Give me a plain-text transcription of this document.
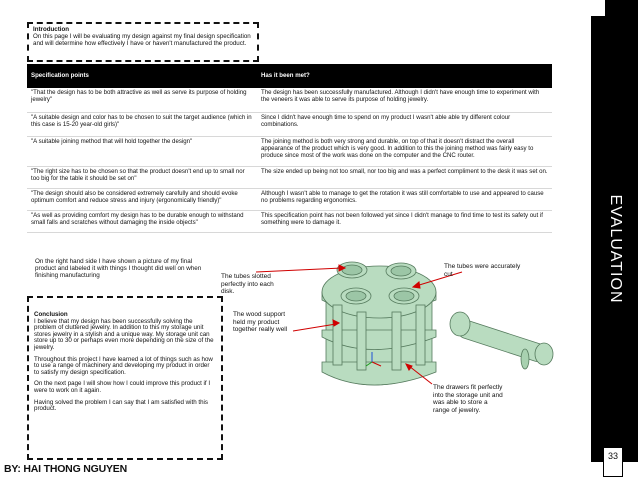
EVALUATION
33
Introduction
On this page I will be evaluating my design against my final design specification and will determine how effectively I have or haven't manufactured the product.
Specification points	Has it been met?
"That the design has to be both attractive as well as serve its purpose of holding jewelry"	The design has been successfully manufactured. Although I didn't have enough time to experiment with the veneers it was able to serve its purpose of holding jewelry.
"A suitable design and color has to be chosen to suit the target audience (which in this case is 15-20 year-old girls)"	Since I didn't have enough time to spend on my product I wasn't able able try different colour combinations.
"A suitable joining method that will hold together the design"	The joining method is both very strong and durable, on top of that it doesn't distract the overall appearance of the product which is very good. In addition to this the joining method was fairly easy to produce since most of the work was done on the computer and the CNC router.
"The right size has to be chosen so that the product doesn't end up to small nor too big for the table it should be set on"	The size ended up being not too small, nor too big and was a perfect compliment to the desk it was set on.
"The design should also be considered extremely carefully and should evoke optimum comfort and reduce stress and injury (ergonomically friendly)"	Although I wasn't able to manage to get the rotation it was still comfortable to use and appeared to cause no problems regarding ergonomics.
"As well as providing comfort my design has to be durable enough to withstand small falls and scratches without damaging the inside objects"	This specification point has not been followed yet since I didn't manage to find time to test its safety out if something were to damage it.
On the right hand side I have shown a picture of my final product and labeled it with things I thought did well on when finishing manufacturing

Conclusion

I believe that my design has been successfully solving the problem of cluttered jewelry. In addition to this my storage unit stores jewelry in a stylish and a unique way. My storage unit can store up to 30 or perhaps even more depending on the size of the jewelry.

Throughout this project I have learned a lot of things such as how to use a range of machinery and developing my product in order to satisfy my design specification.

On the next page I will show how I could improve this product if I were to work on it again.

Having solved the problem I can say that I am satisfied with this product.

BY: HAI THONG NGUYEN
The tubes slotted perfectly into each disk.
The tubes were accurately cut
The wood support held my product together really well
The drawers fit perfectly into the storage unit and was able to store a range of jewelry.
